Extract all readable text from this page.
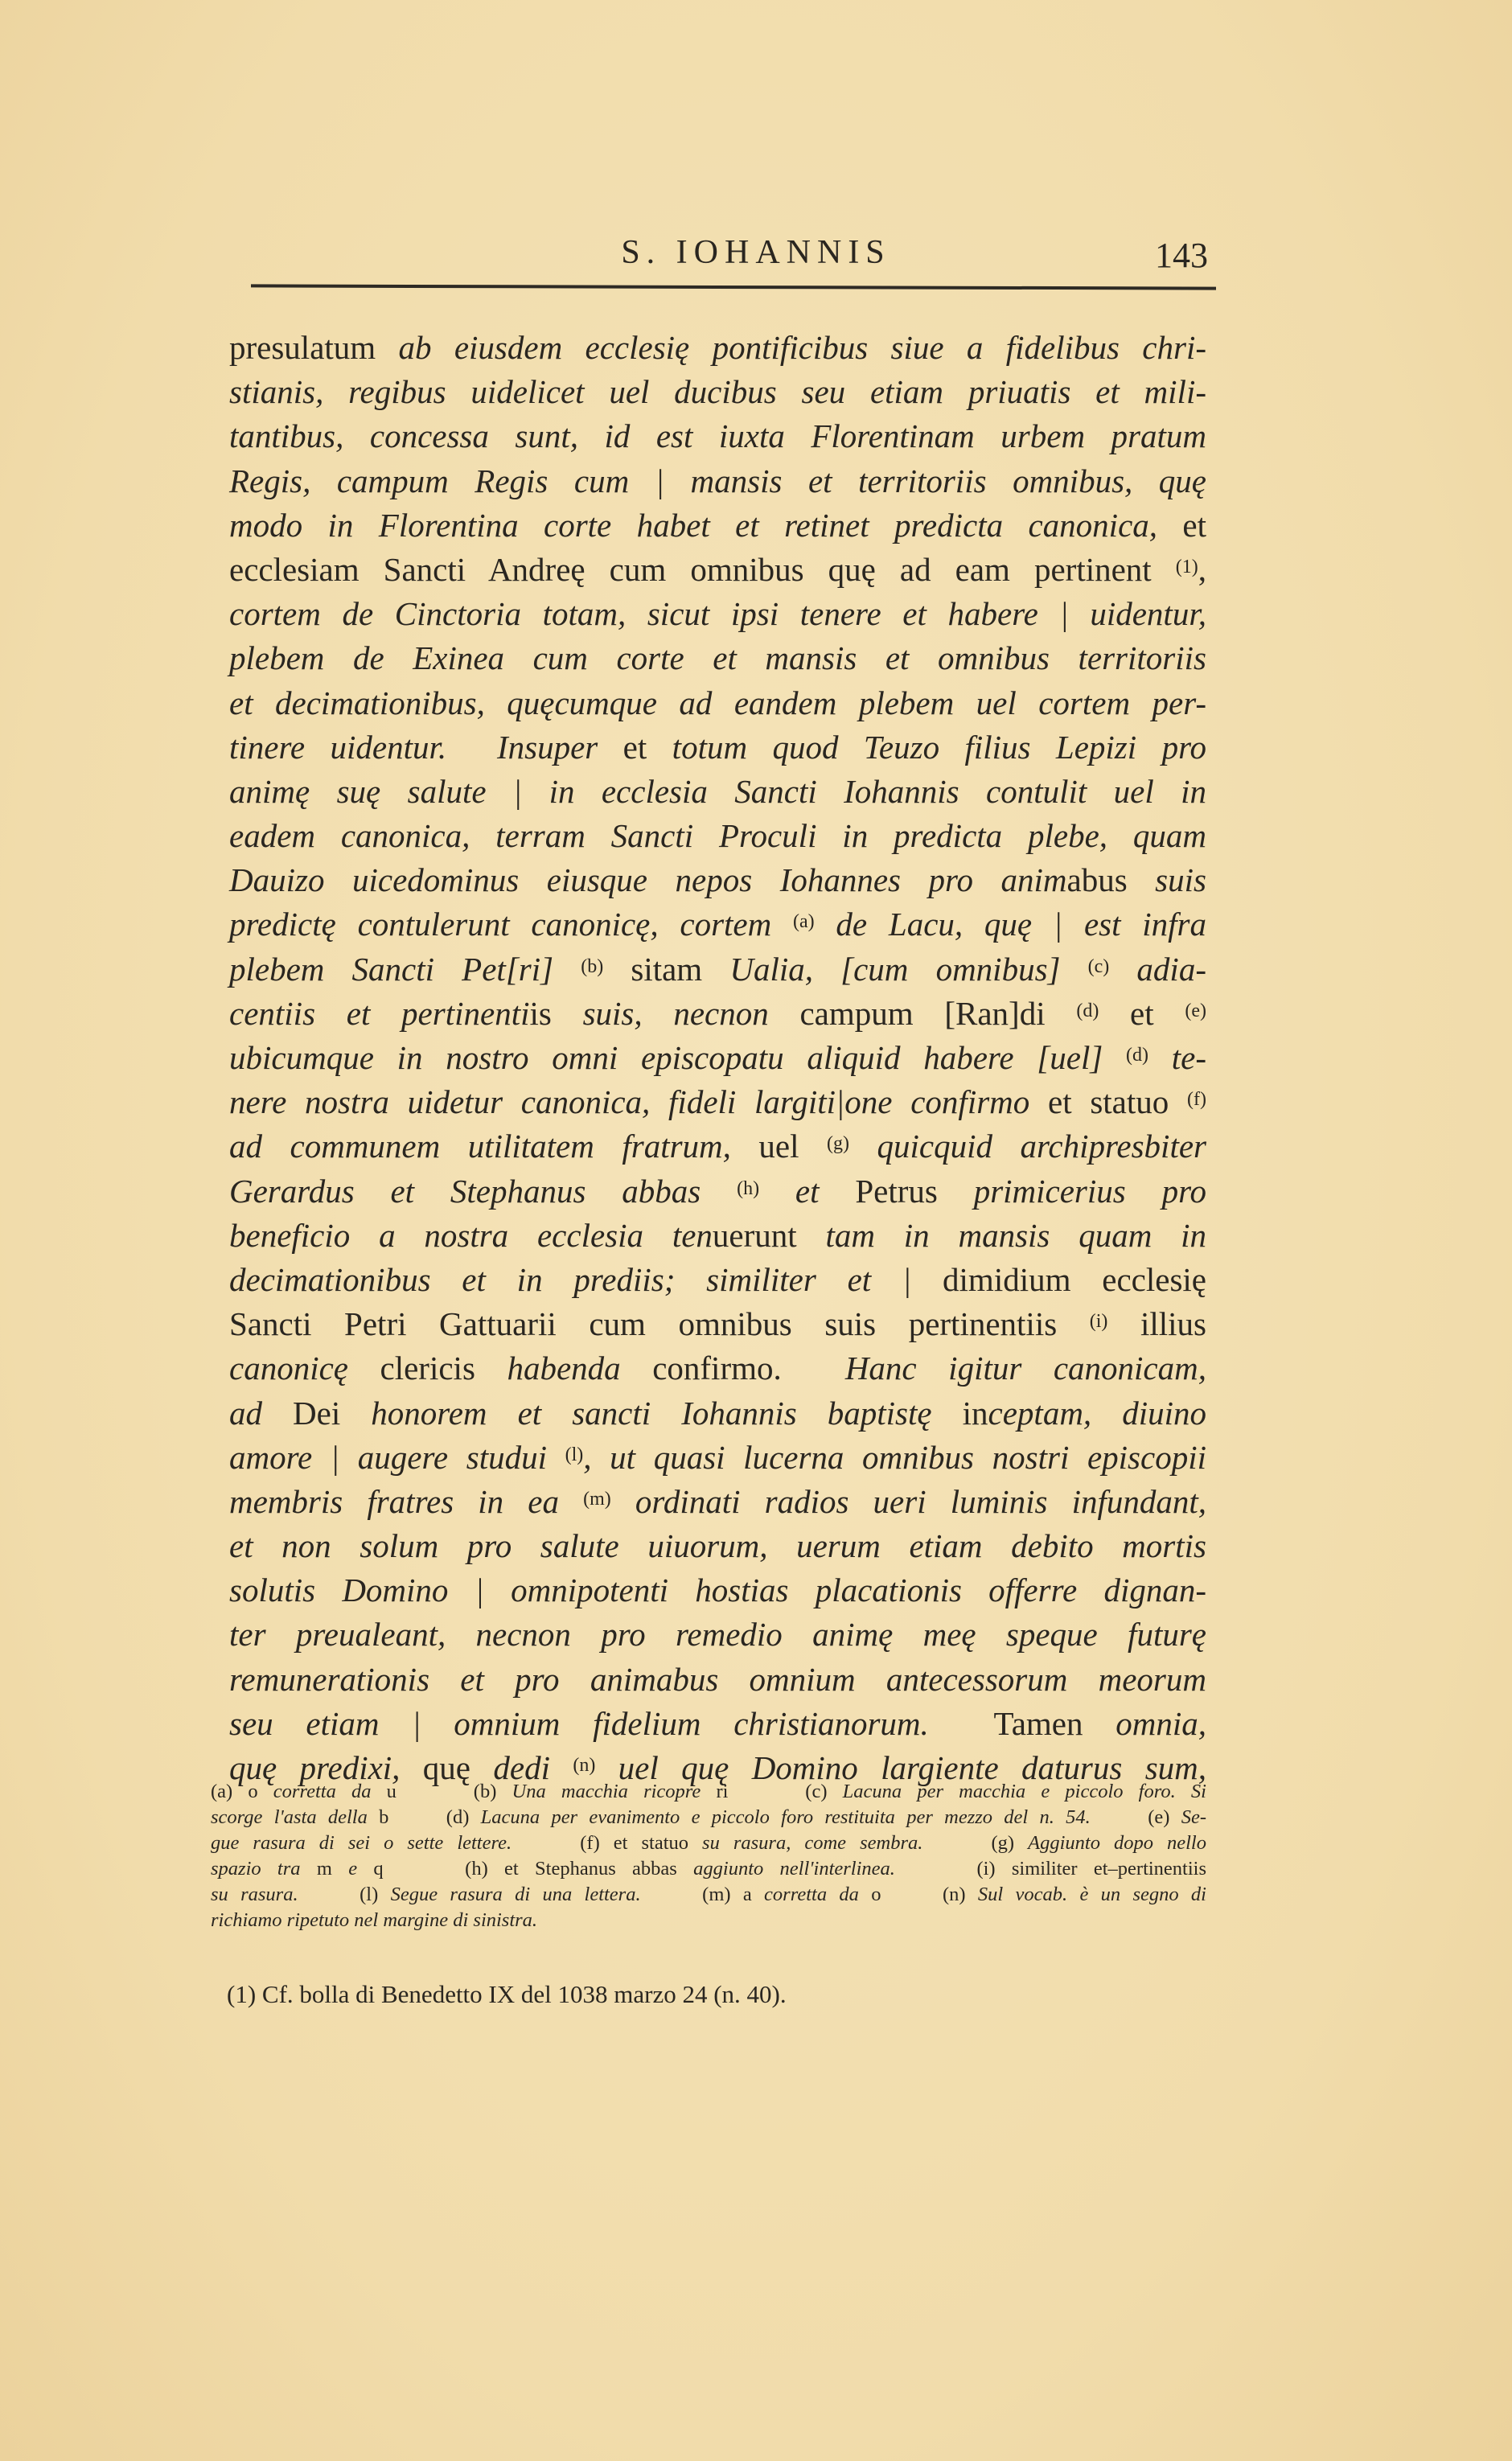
S. IOHANNIS	143
presulatum ab eiusdem ecclesię pontificibus siue a fidelibus chri-
stianis, regibus uidelicet uel ducibus seu etiam priuatis et mili-
tantibus, concessa sunt, id est iuxta Florentinam urbem pratum
Regis, campum Regis cum | mansis et territoriis omnibus, quę
modo in Florentina corte habet et retinet predicta canonica, et
ecclesiam Sancti Andreę cum omnibus quę ad eam pertinent (1),
cortem de Cinctoria totam, sicut ipsi tenere et habere | uidentur,
plebem de Exinea cum corte et mansis et omnibus territoriis
et decimationibus, quęcumque ad eandem plebem uel cortem per-
tinere uidentur.  Insuper et totum quod Teuzo filius Lepizi pro
animę suę salute | in ecclesia Sancti Iohannis contulit uel in
eadem canonica, terram Sancti Proculi in predicta plebe, quam
Dauizo uicedominus eiusque nepos Iohannes pro animabus suis
predictę contulerunt canonicę, cortem (a) de Lacu, quę | est infra
plebem Sancti Pet[ri] (b) sitam Ualia, [cum omnibus] (c) adia-
centiis et pertinentiis suis, necnon campum [Ran]di (d) et (e)
ubicumque in nostro omni episcopatu aliquid habere [uel] (d) te-
nere nostra uidetur canonica, fideli largiti|one confirmo et statuo (f)
ad communem utilitatem fratrum, uel (g) quicquid archipresbiter
Gerardus et Stephanus abbas (h) et Petrus primicerius pro
beneficio a nostra ecclesia tenuerunt tam in mansis quam in
decimationibus et in prediis; similiter et | dimidium ecclesię
Sancti Petri Gattuarii cum omnibus suis pertinentiis (i) illius
canonicę clericis habenda confirmo.  Hanc igitur canonicam,
ad Dei honorem et sancti Iohannis baptistę inceptam, diuino
amore | augere studui (l), ut quasi lucerna omnibus nostri episcopii
membris fratres in ea (m) ordinati radios ueri luminis infundant,
et non solum pro salute uiuorum, uerum etiam debito mortis
solutis Domino | omnipotenti hostias placationis offerre dignan-
ter preualeant, necnon pro remedio animę meę speque futurę
remunerationis et pro animabus omnium antecessorum meorum
seu etiam | omnium fidelium christianorum.  Tamen omnia,
quę predixi, quę dedi (n) uel quę Domino largiente daturus sum,
(a) o corretta da u     (b) Una macchia ricopre ri     (c) Lacuna per macchia e piccolo foro. Si
scorge l'asta della b     (d) Lacuna per evanimento e piccolo foro restituita per mezzo del n. 54.     (e) Se-
gue rasura di sei o sette lettere.     (f) et statuo su rasura, come sembra.     (g) Aggiunto dopo nello
spazio tra m e q     (h) et Stephanus abbas aggiunto nell'interlinea.     (i) similiter et–pertinentiis
su rasura.     (l) Segue rasura di una lettera.     (m) a corretta da o     (n) Sul vocab. è un segno di
richiamo ripetuto nel margine di sinistra.
(1) Cf. bolla di Benedetto IX del 1038 marzo 24 (n. 40).
